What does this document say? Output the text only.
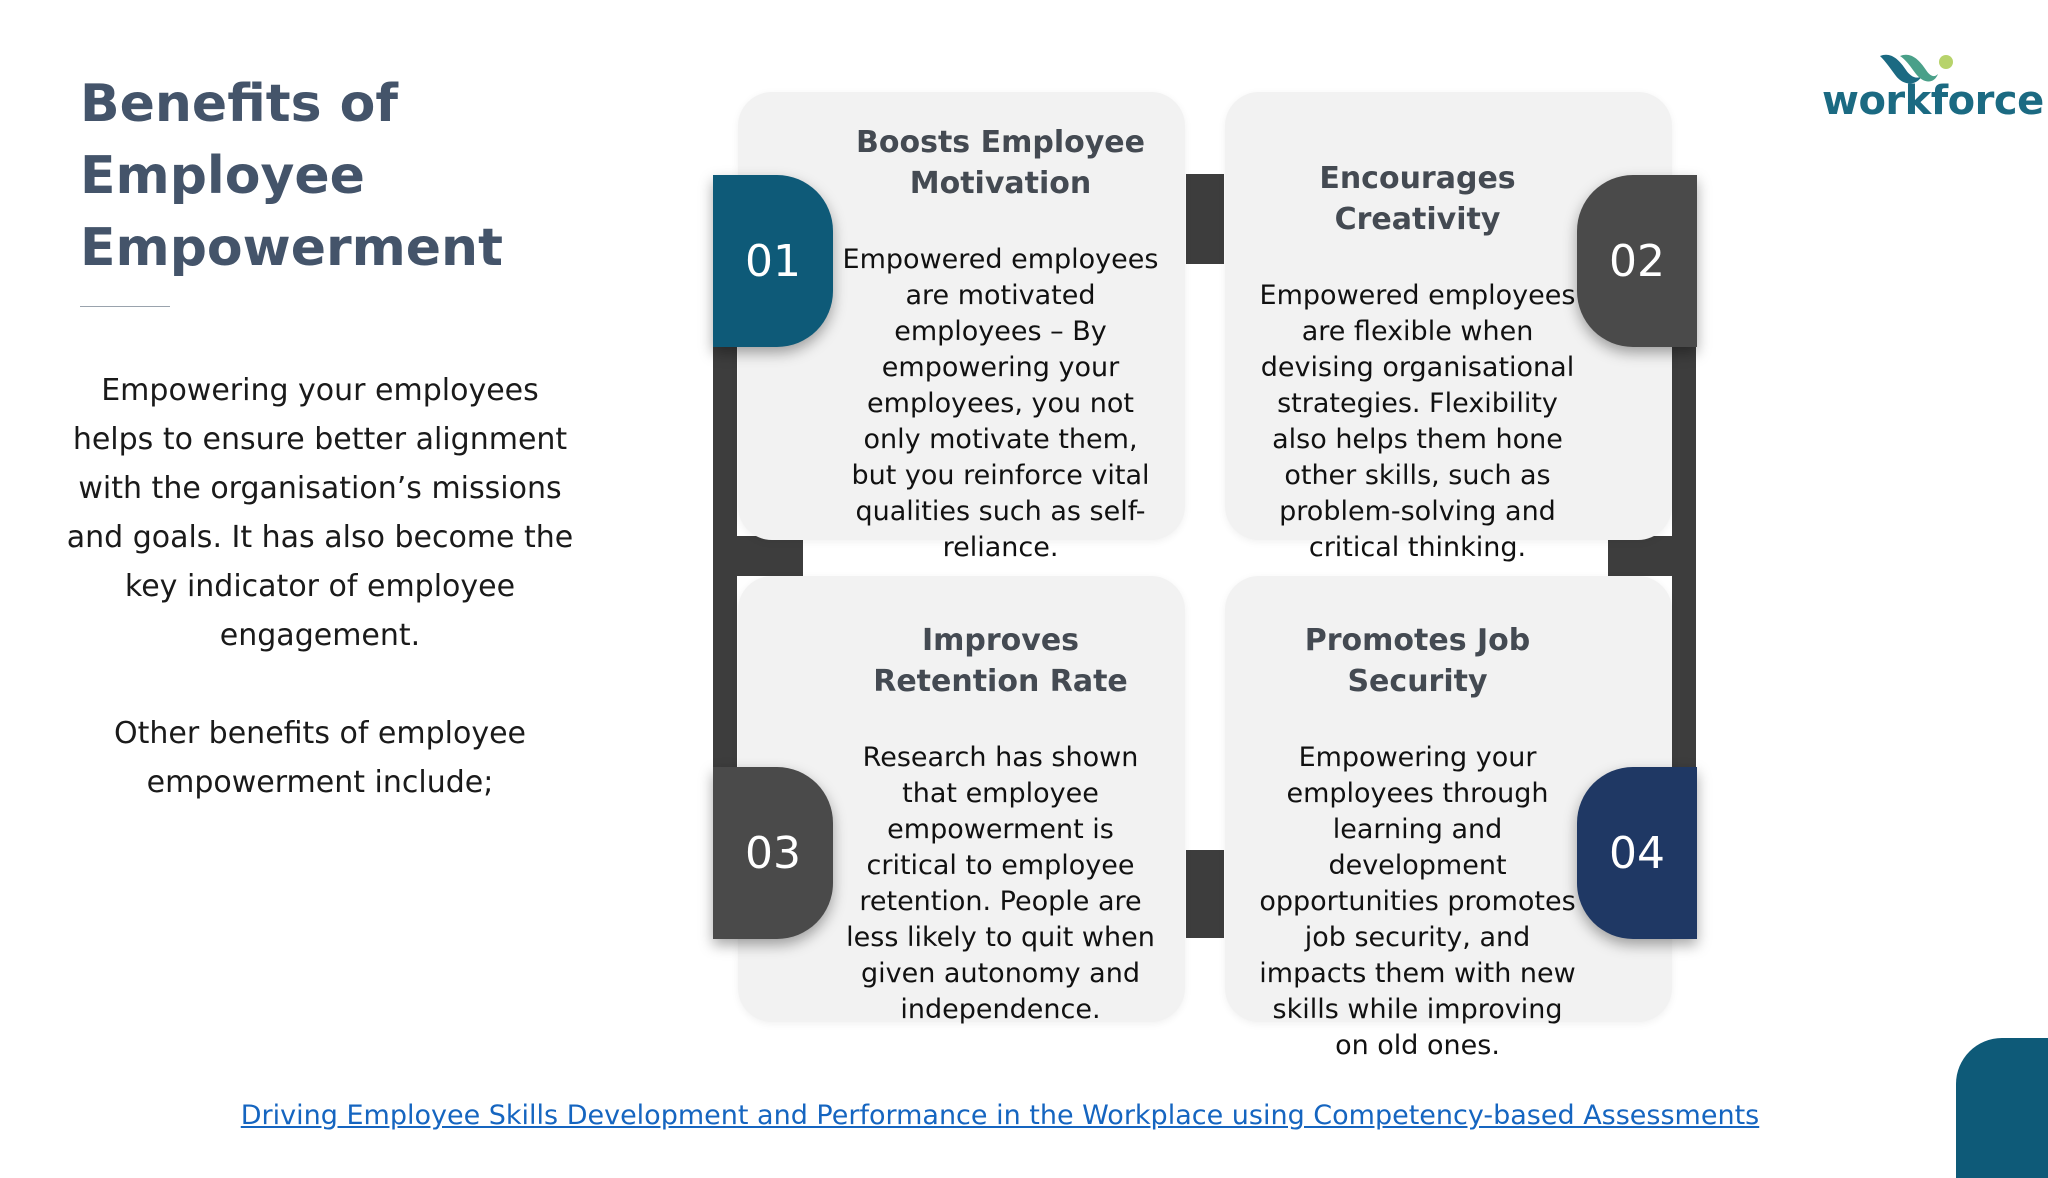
Benefits of Employee Empowerment

Empowering your employees helps to ensure better alignment with the organisation’s missions and goals. It has also become the key indicator of employee engagement.

Other benefits of employee empowerment include;

workforce

Boosts Employee Motivation

Empowered employees are motivated employees – By empowering your employees, you not only motivate them, but you reinforce vital qualities such as self-reliance.

01

Encourages Creativity

Empowered employees are flexible when devising organisational strategies. Flexibility also helps them hone other skills, such as problem-solving and critical thinking.

02

Improves Retention Rate

Research has shown that employee empowerment is critical to employee retention. People are less likely to quit when given autonomy and independence.

03

Promotes Job Security

Empowering your employees through learning and development opportunities promotes job security, and impacts them with new skills while improving on old ones.

04
Driving Employee Skills Development and Performance in the Workplace using Competency-based Assessments
